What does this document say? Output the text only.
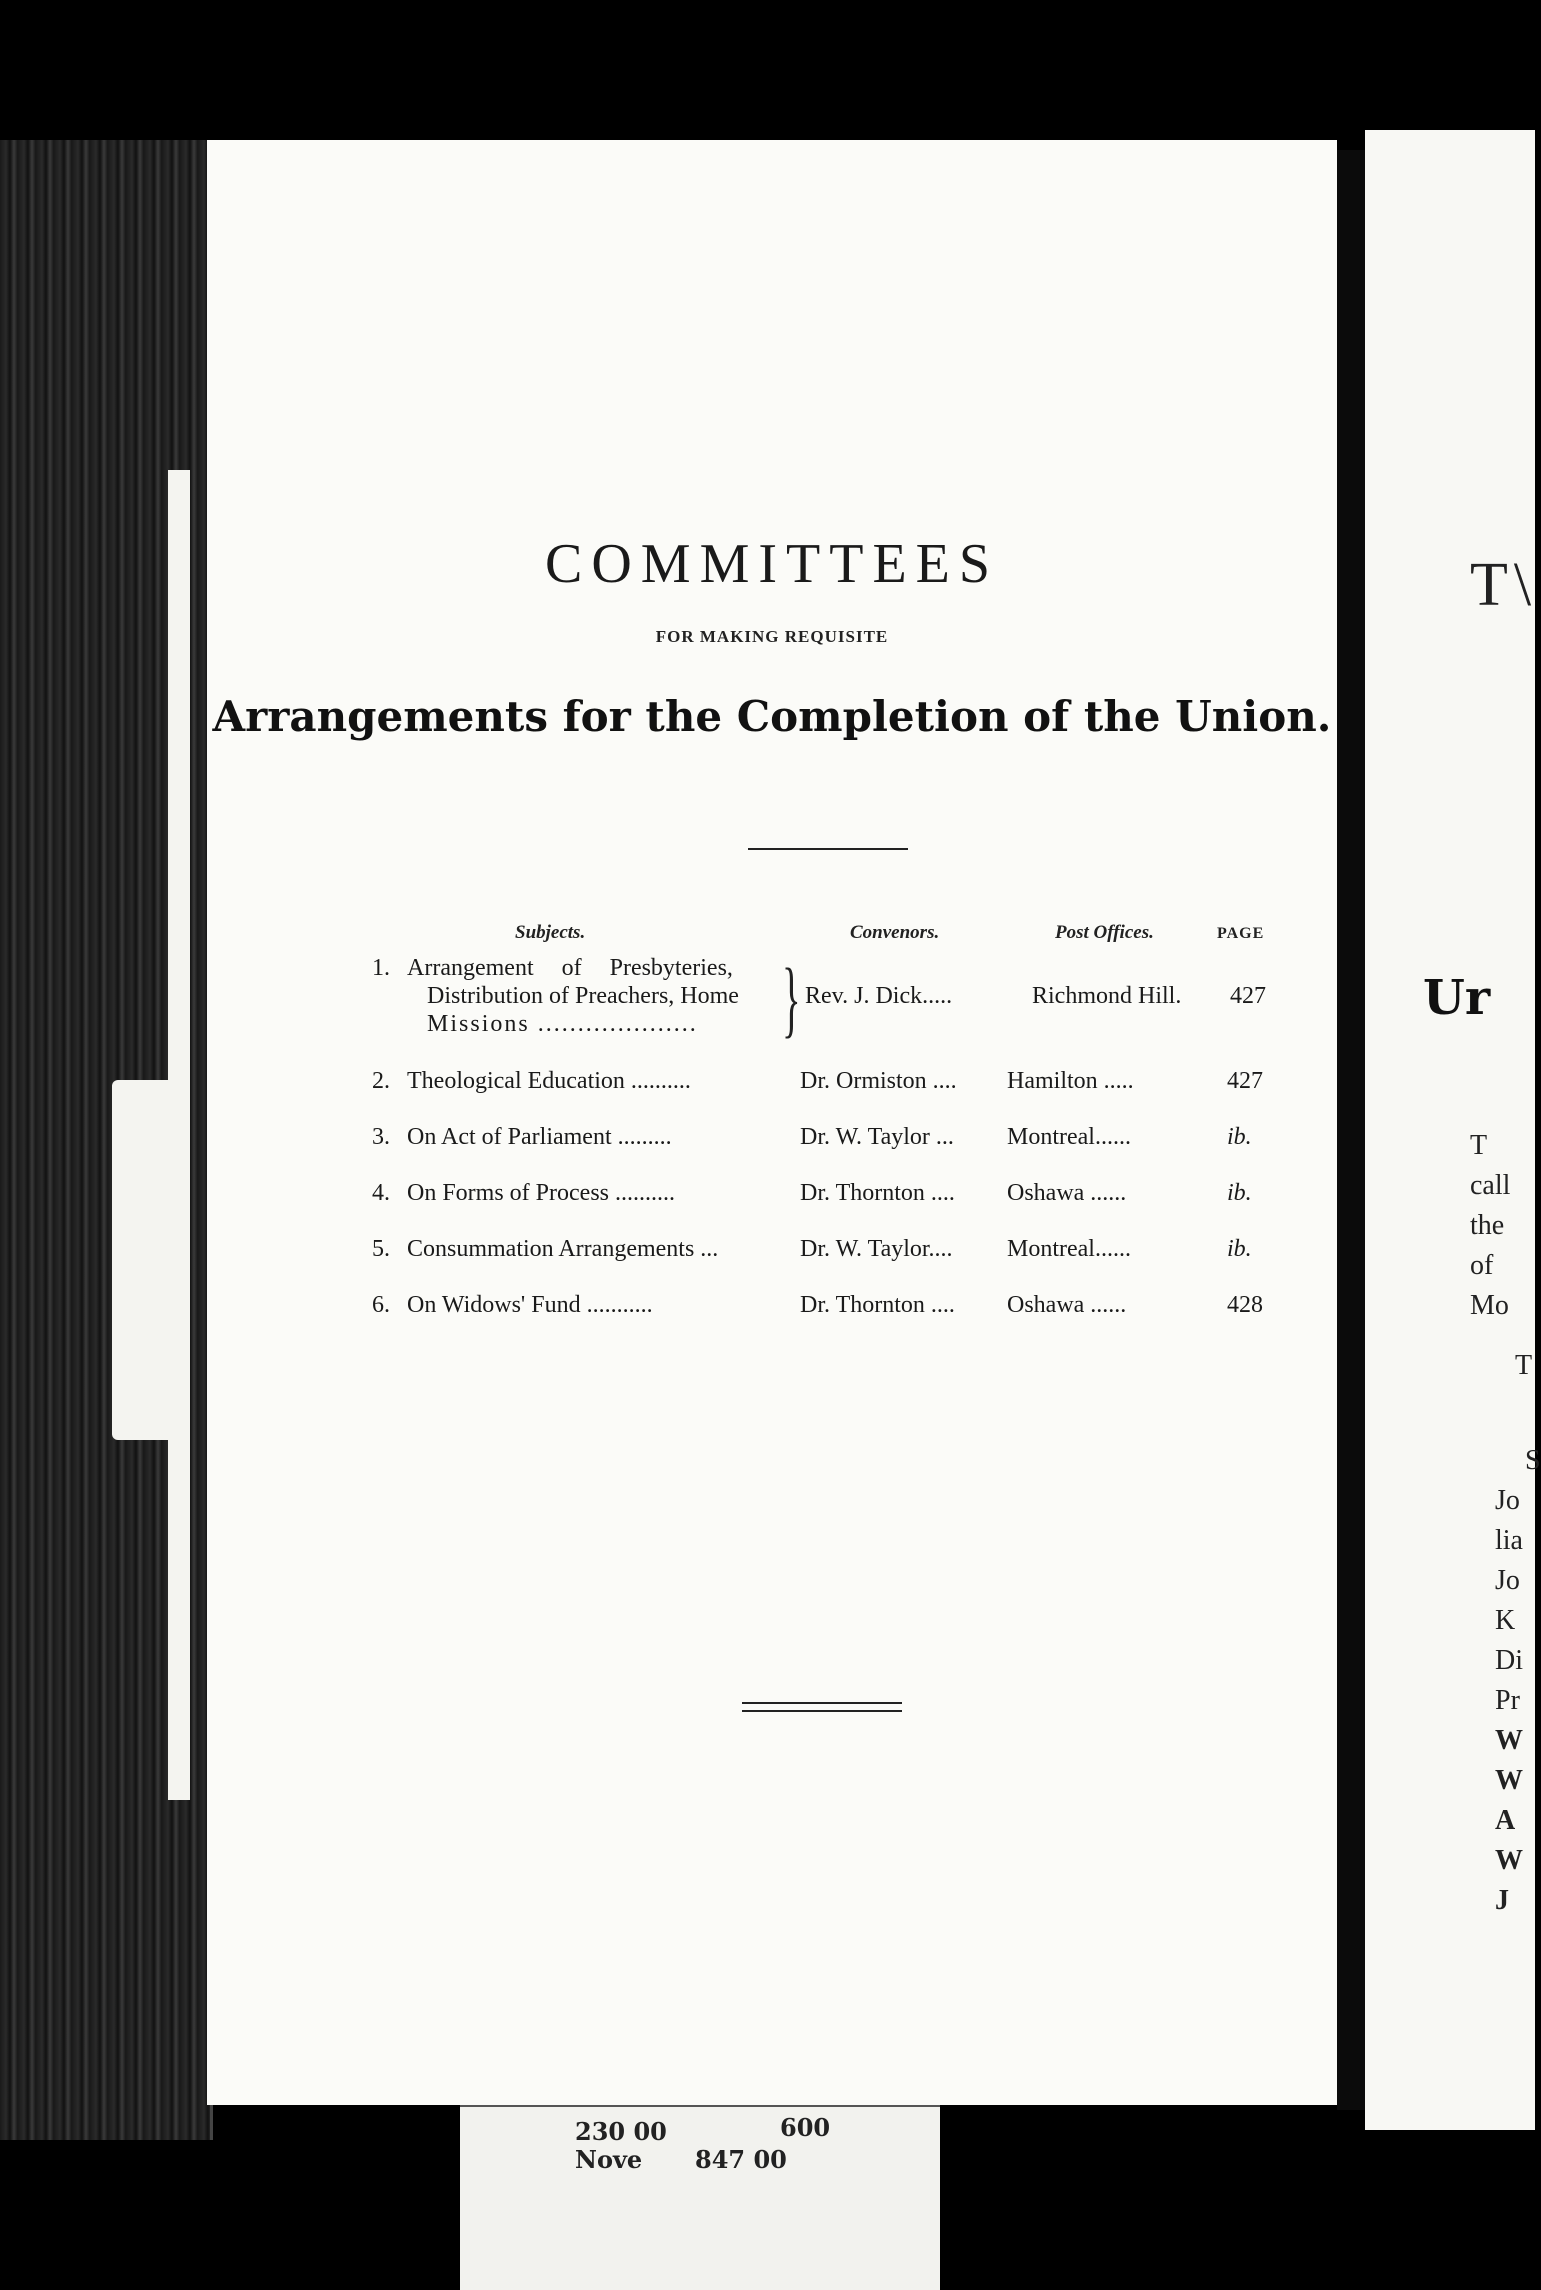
COMMITTEES
FOR MAKING REQUISITE
Arrangements for the Completion of the Union.
Subjects.	Convenors.	Post Offices.	PAGE
1. Arrangement of Presbyteries,
Distribution of Preachers, Home	Rev. J. Dick.....	Richmond Hill. 427
Missions .................... }
2. Theological Education ..........	Dr. Ormiston .... Hamilton .....	427
3. On Act of Parliament .........	Dr. W. Taylor ... Montreal......	ib.
4. On Forms of Process ..........	Dr. Thornton .... Oshawa ......	ib.
5. Consummation Arrangements ...	Dr. W. Taylor.... Montreal......	ib.
6. On Widows' Fund ...........	Dr. Thornton .... Oshawa ......	428
T\
Ur
T
call
the
of
Mo
T
S
Jo
lia
Jo
K
Di
Pr
W
W
A
W
J
230 00
847 00
Nove
600
